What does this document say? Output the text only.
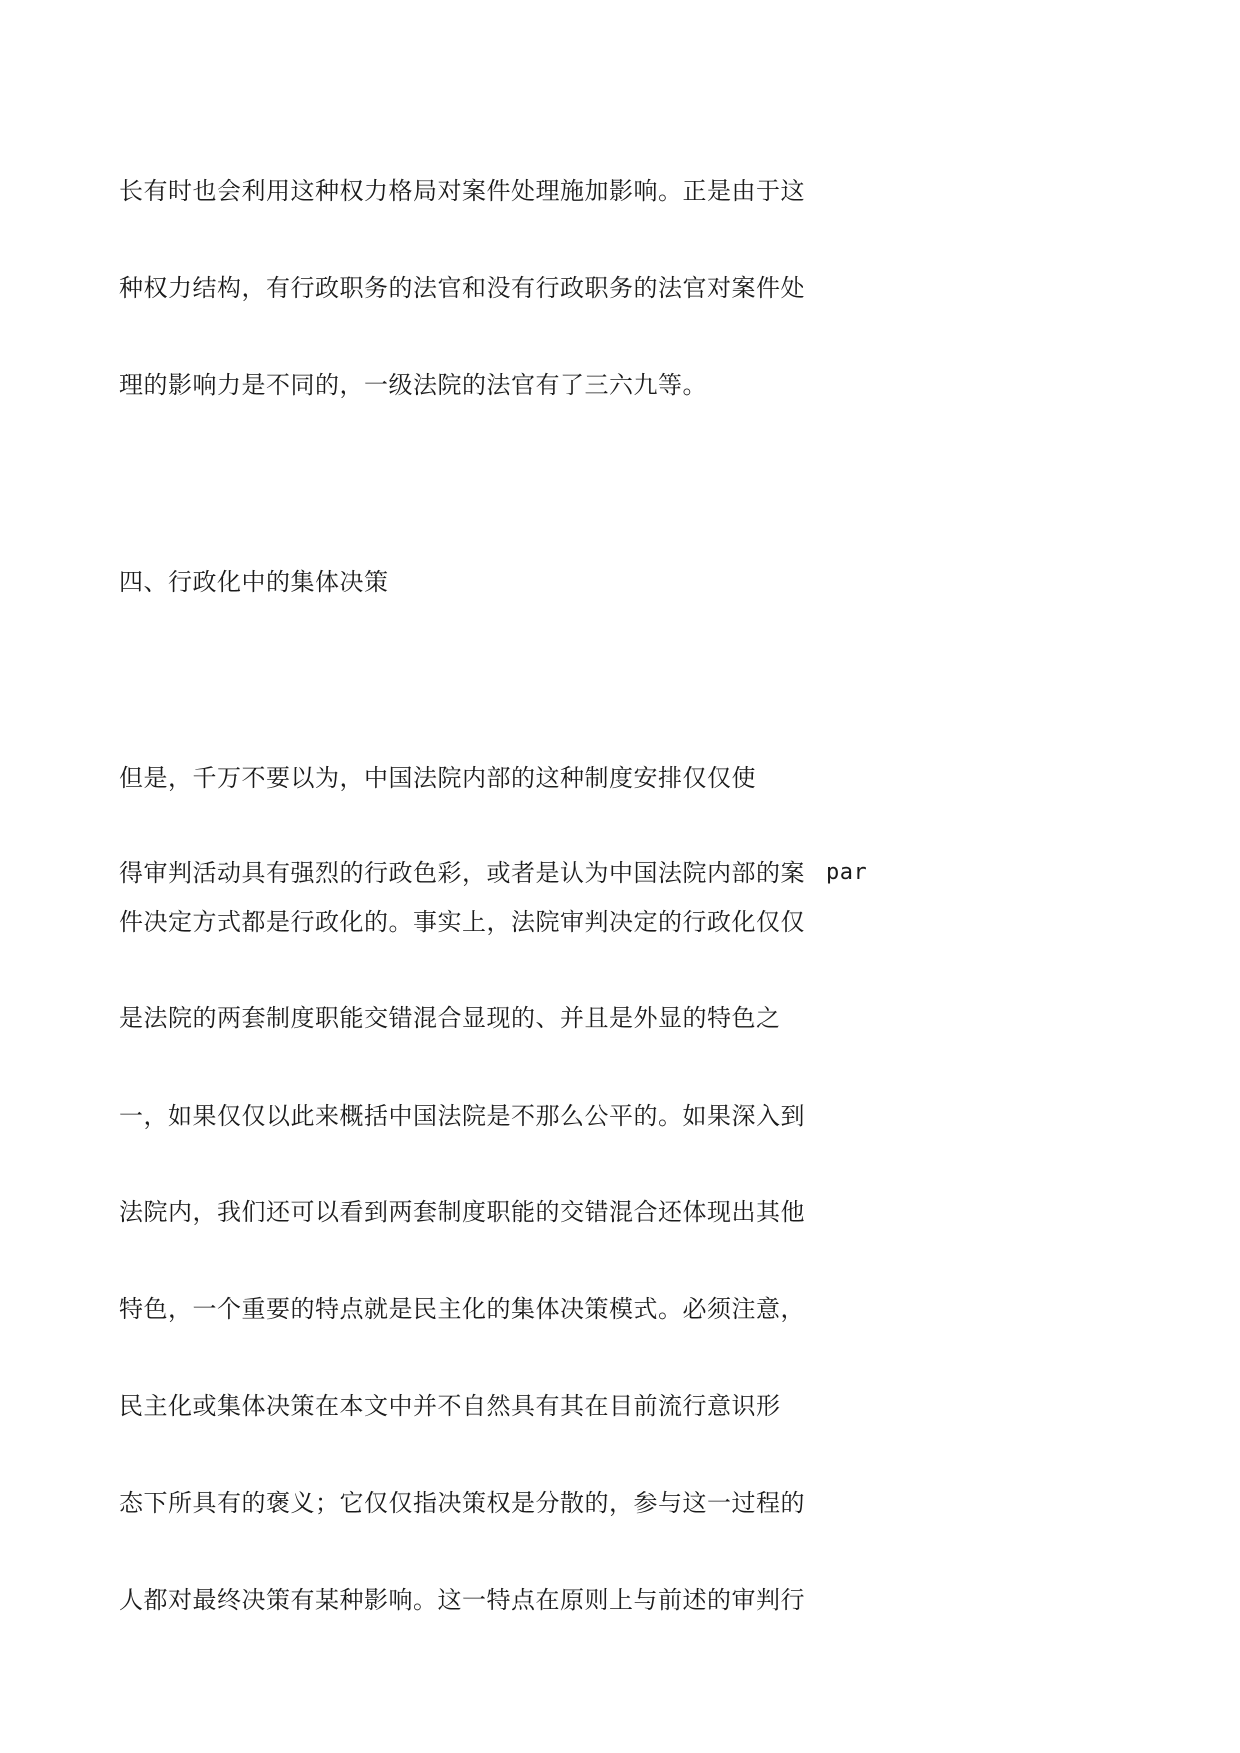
长有时也会利用这种权力格局对案件处理施加影响。正是由于这
种权力结构，有行政职务的法官和没有行政职务的法官对案件处
理的影响力是不同的，一级法院的法官有了三六九等。
四、行政化中的集体决策
但是，千万不要以为，中国法院内部的这种制度安排仅仅使
得审判活动具有强烈的行政色彩，或者是认为中国法院内部的案 par
件决定方式都是行政化的。事实上，法院审判决定的行政化仅仅
是法院的两套制度职能交错混合显现的、并且是外显的特色之
一，如果仅仅以此来概括中国法院是不那么公平的。如果深入到
法院内，我们还可以看到两套制度职能的交错混合还体现出其他
特色，一个重要的特点就是民主化的集体决策模式。必须注意，
民主化或集体决策在本文中并不自然具有其在目前流行意识形
态下所具有的褒义；它仅仅指决策权是分散的，参与这一过程的
人都对最终决策有某种影响。这一特点在原则上与前述的审判行
